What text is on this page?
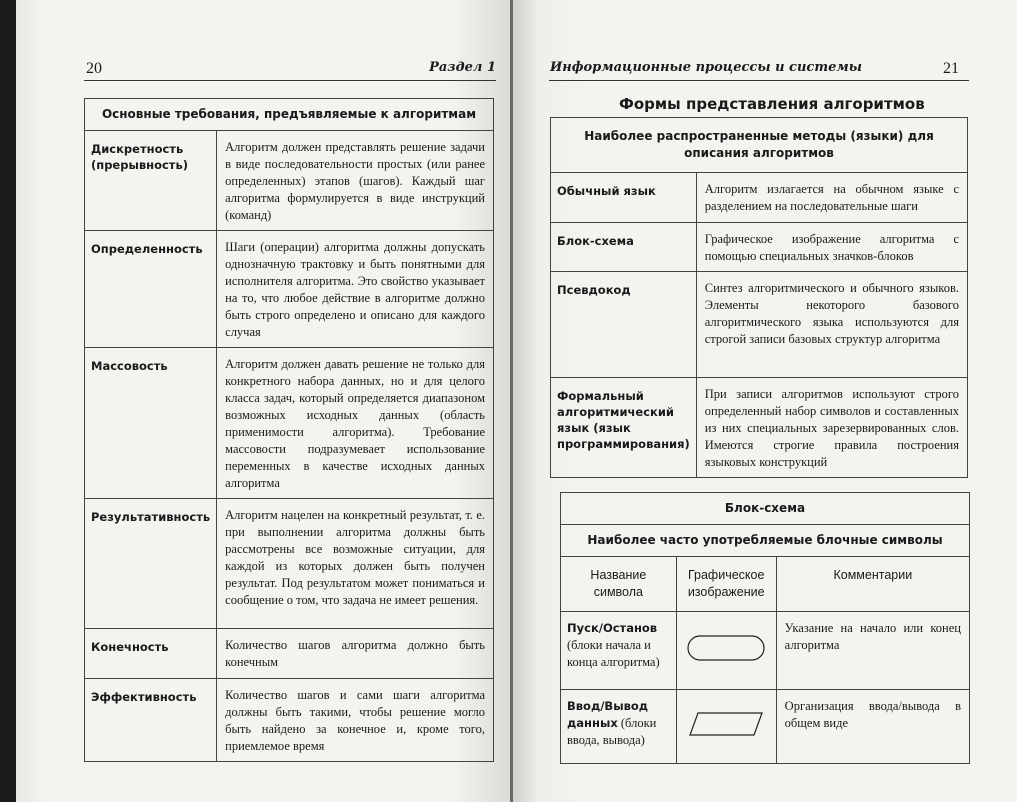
20	Раздел 1
Основные требования, предъявляемые к алгоритмам	
Дискретность (прерывность)	Алгоритм должен представлять решение задачи в виде последовательности простых (или ранее определенных) этапов (шагов). Каждый шаг алгоритма формулируется в виде инструкций (команд)
Определенность	Шаги (операции) алгоритма должны допускать однозначную трактовку и быть понятными для исполнителя алгоритма. Это свойство указывает на то, что любое действие в алгоритме должно быть строго определено и описано для каждого случая
Массовость	Алгоритм должен давать решение не только для конкретного набора данных, но и для целого класса задач, который определяется диапазоном возможных исходных данных (область применимости алгоритма). Требование массовости подразумевает использование переменных в качестве исходных данных алгоритма
Результативность	Алгоритм нацелен на конкретный результат, т. е. при выполнении алгоритма должны быть рассмотрены все возможные ситуации, для каждой из которых должен быть получен результат. Под результатом может пониматься и сообщение о том, что задача не имеет решения.
Конечность	Количество шагов алгоритма должно быть конечным
Эффективность	Количество шагов и сами шаги алгоритма должны быть такими, чтобы решение могло быть найдено за конечное и, кроме того, приемлемое время
Информационные процессы и системы	21
Формы представления алгоритмов
Наиболее распространенные методы (языки) для описания алгоритмов	
Обычный язык	Алгоритм излагается на обычном языке с разделением на последовательные шаги
Блок-схема	Графическое изображение алгоритма с помощью специальных значков-блоков
Псевдокод	Синтез алгоритмического и обычного языков. Элементы некоторого базового алгоритмического языка используются для строгой записи базовых структур алгоритма
Формальный алгоритмический язык (язык программирования)	При записи алгоритмов используют строго определенный набор символов и составленных из них специальных зарезервированных слов. Имеются строгие правила построения языковых конструкций
Блок-схема		
Наиболее часто употребляемые блочные символы		
Название символа	Графическое изображение	Комментарии
Пуск/Останов (блоки начала и конца алгоритма)		Указание на начало или конец алгоритма
Ввод/Вывод данных (блоки ввода, вывода)		Организация ввода/вывода в общем виде
